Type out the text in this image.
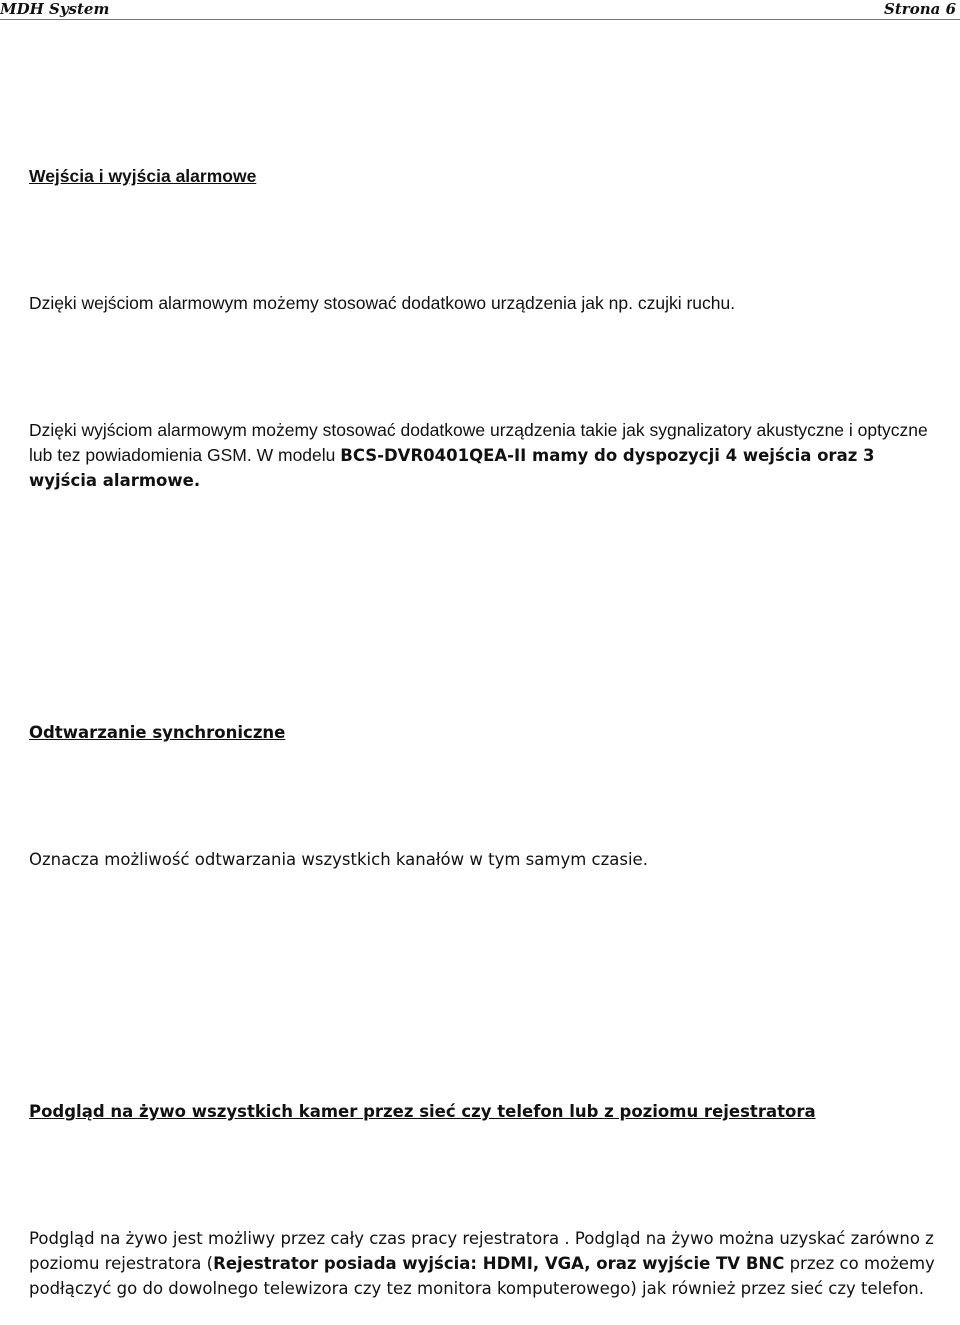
MDH System	Strona 6

Wejścia i wyjścia alarmowe

Dzięki wejściom alarmowym możemy stosować dodatkowo urządzenia jak np. czujki ruchu.

Dzięki wyjściom alarmowym możemy stosować dodatkowe urządzenia takie jak sygnalizatory akustyczne i optyczne lub tez powiadomienia GSM. W modelu BCS-DVR0401QEA-II mamy do dyspozycji 4 wejścia oraz 3 wyjścia alarmowe.

Odtwarzanie synchroniczne

Oznacza możliwość odtwarzania wszystkich kanałów w tym samym czasie.

Podgląd na żywo wszystkich kamer przez sieć czy telefon lub z poziomu rejestratora

Podgląd na żywo jest możliwy przez cały czas pracy rejestratora . Podgląd na żywo można uzyskać zarówno z poziomu rejestratora (Rejestrator posiada wyjścia: HDMI, VGA, oraz wyjście TV BNC przez co możemy podłączyć go do dowolnego telewizora czy tez monitora komputerowego) jak również przez sieć czy telefon.
